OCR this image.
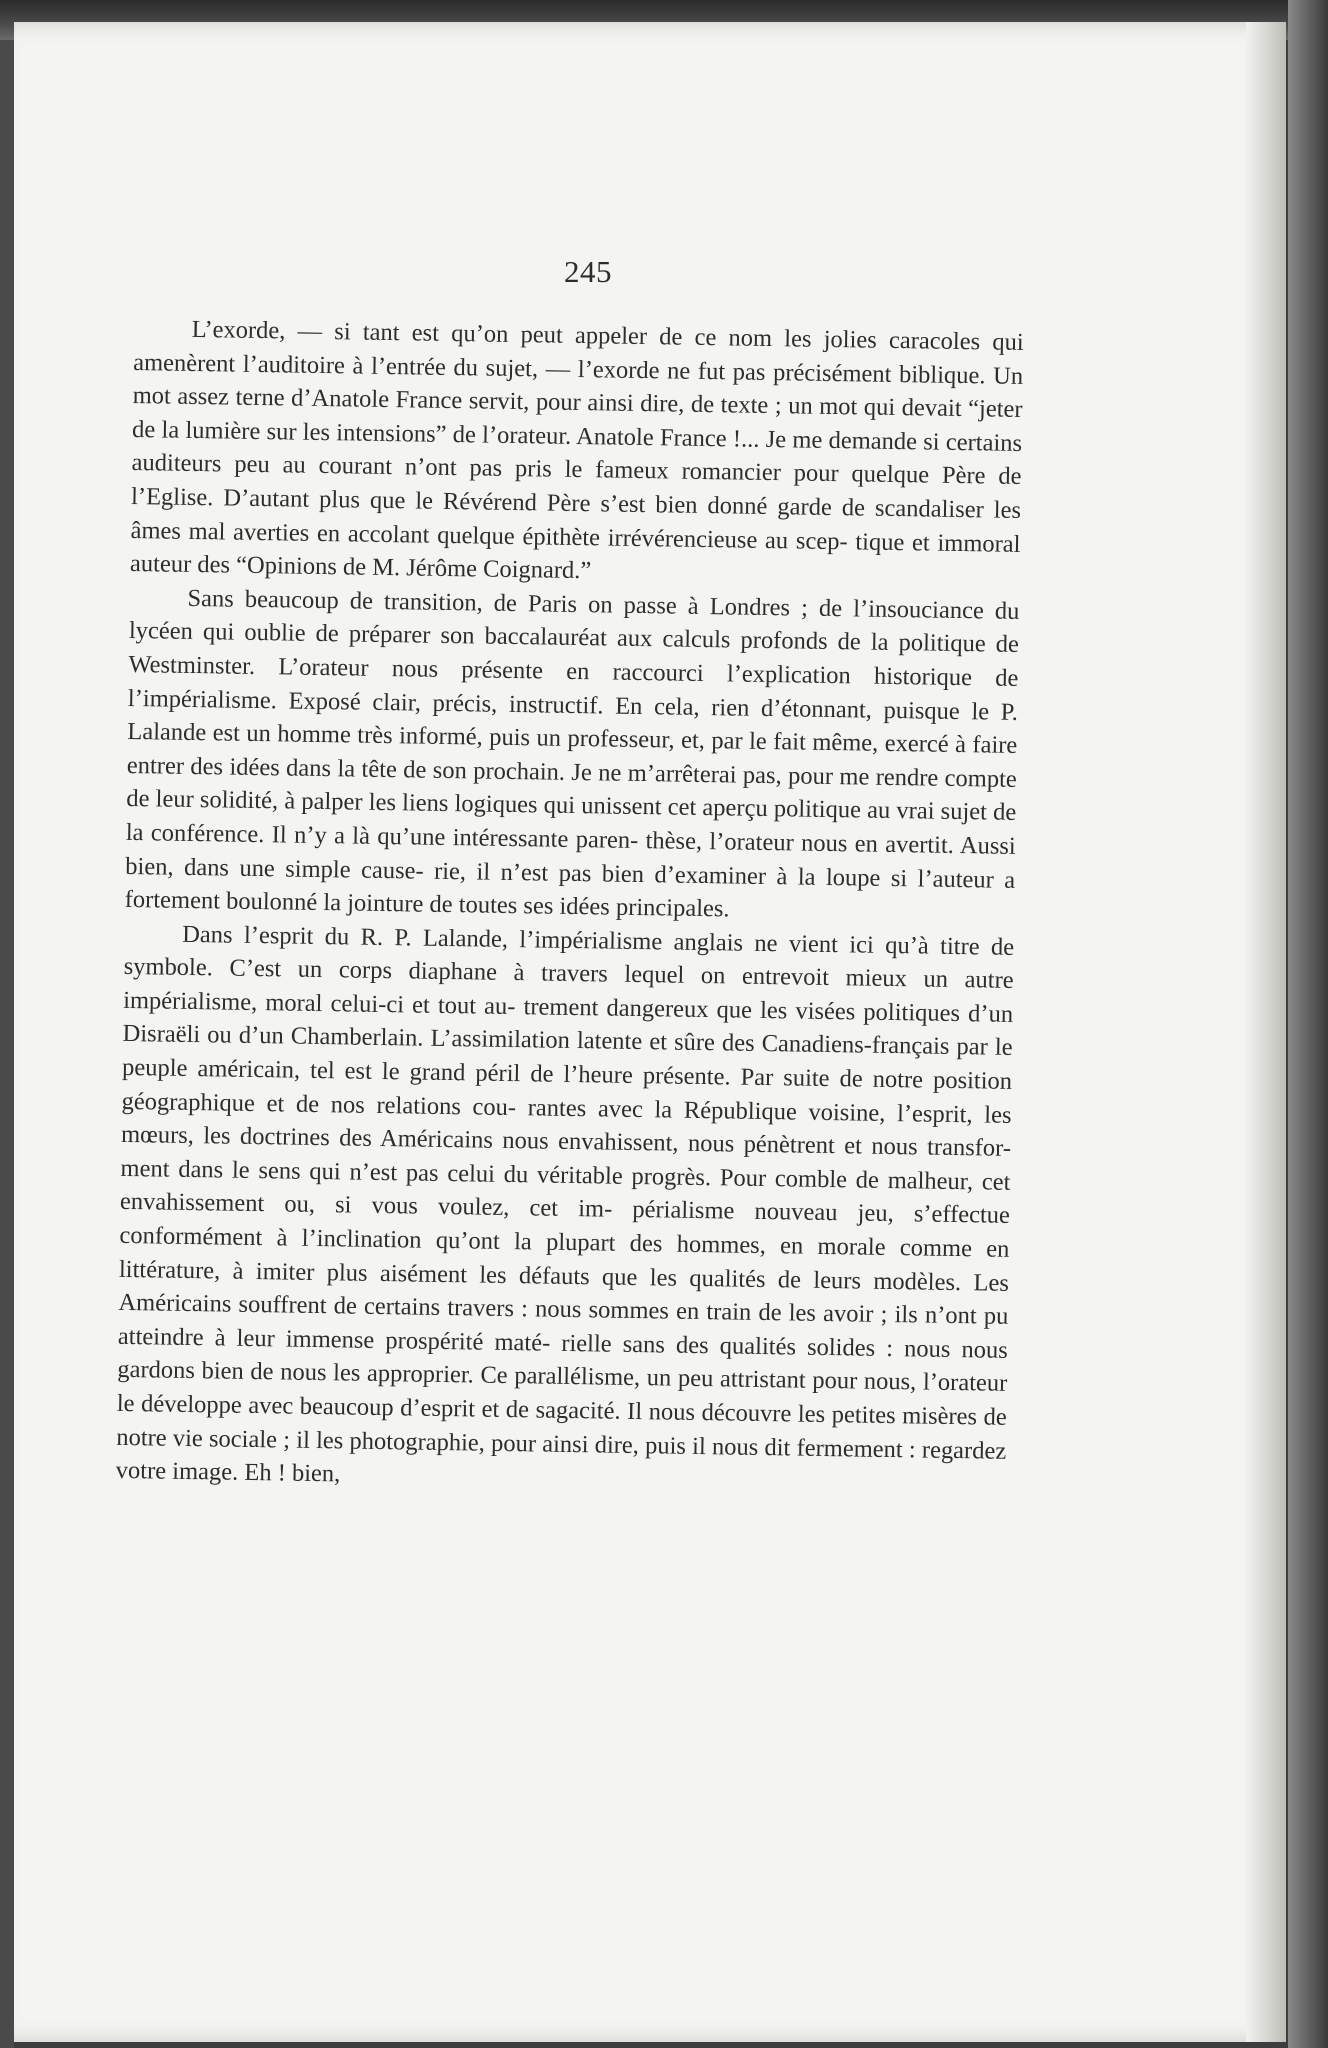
245

L’exorde, — si tant est qu’on peut appeler de ce nom les jolies caracoles qui amenèrent l’auditoire à l’entrée du sujet, — l’exorde ne fut pas précisément biblique. Un mot assez terne d’Anatole France servit, pour ainsi dire, de texte ; un mot qui devait “jeter de la lumière sur les intensions” de l’orateur. Anatole France !... Je me demande si certains auditeurs peu au courant n’ont pas pris le fameux romancier pour quelque Père de l’Eglise. D’autant plus que le Révérend Père s’est bien donné garde de scandaliser les âmes mal averties en accolant quelque épithète irrévérencieuse au scep- tique et immoral auteur des “Opinions de M. Jérôme Coignard.”

Sans beaucoup de transition, de Paris on passe à Londres ; de l’insouciance du lycéen qui oublie de préparer son baccalauréat aux calculs profonds de la politique de Westminster. L’orateur nous présente en raccourci l’explication historique de l’impérialisme. Exposé clair, précis, instructif. En cela, rien d’étonnant, puisque le P. Lalande est un homme très informé, puis un professeur, et, par le fait même, exercé à faire entrer des idées dans la tête de son prochain. Je ne m’arrêterai pas, pour me rendre compte de leur solidité, à palper les liens logiques qui unissent cet aperçu politique au vrai sujet de la conférence. Il n’y a là qu’une intéressante paren- thèse, l’orateur nous en avertit. Aussi bien, dans une simple cause- rie, il n’est pas bien d’examiner à la loupe si l’auteur a fortement boulonné la jointure de toutes ses idées principales.

Dans l’esprit du R. P. Lalande, l’impérialisme anglais ne vient ici qu’à titre de symbole. C’est un corps diaphane à travers lequel on entrevoit mieux un autre impérialisme, moral celui-ci et tout au- trement dangereux que les visées politiques d’un Disraëli ou d’un Chamberlain. L’assimilation latente et sûre des Canadiens-français par le peuple américain, tel est le grand péril de l’heure présente. Par suite de notre position géographique et de nos relations cou- rantes avec la République voisine, l’esprit, les mœurs, les doctrines des Américains nous envahissent, nous pénètrent et nous transfor- ment dans le sens qui n’est pas celui du véritable progrès. Pour comble de malheur, cet envahissement ou, si vous voulez, cet im- périalisme nouveau jeu, s’effectue conformément à l’inclination qu’ont la plupart des hommes, en morale comme en littérature, à imiter plus aisément les défauts que les qualités de leurs modèles. Les Américains souffrent de certains travers : nous sommes en train de les avoir ; ils n’ont pu atteindre à leur immense prospérité maté- rielle sans des qualités solides : nous nous gardons bien de nous les approprier. Ce parallélisme, un peu attristant pour nous, l’orateur le développe avec beaucoup d’esprit et de sagacité. Il nous découvre les petites misères de notre vie sociale ; il les photographie, pour ainsi dire, puis il nous dit fermement : regardez votre image. Eh ! bien,
